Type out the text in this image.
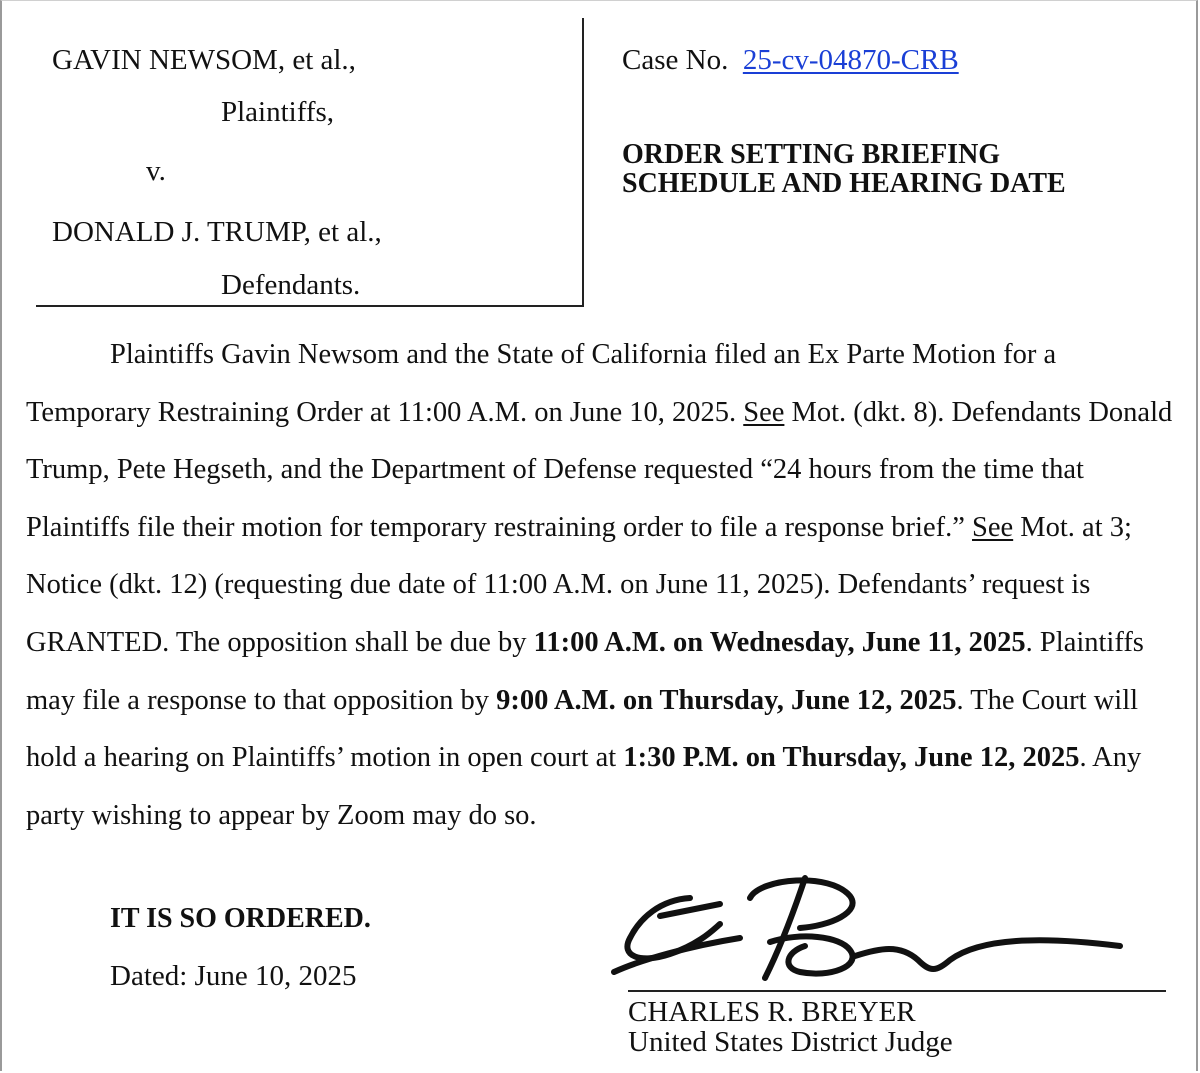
GAVIN NEWSOM, et al.,
Plaintiffs,
v.
DONALD J. TRUMP, et al.,
Defendants.
Case No. 25-cv-04870-CRB
ORDER SETTING BRIEFING
SCHEDULE AND HEARING DATE
Plaintiffs Gavin Newsom and the State of California filed an Ex Parte Motion for a Temporary Restraining Order at 11:00 A.M. on June 10, 2025. See Mot. (dkt. 8). Defendants Donald Trump, Pete Hegseth, and the Department of Defense requested “24 hours from the time that Plaintiffs file their motion for temporary restraining order to file a response brief.” See Mot. at 3; Notice (dkt. 12) (requesting due date of 11:00 A.M. on June 11, 2025). Defendants’ request is GRANTED. The opposition shall be due by 11:00 A.M. on Wednesday, June 11, 2025. Plaintiffs may file a response to that opposition by 9:00 A.M. on Thursday, June 12, 2025. The Court will hold a hearing on Plaintiffs’ motion in open court at 1:30 P.M. on Thursday, June 12, 2025. Any party wishing to appear by Zoom may do so.
IT IS SO ORDERED.
Dated: June 10, 2025
CHARLES R. BREYER
United States District Judge
